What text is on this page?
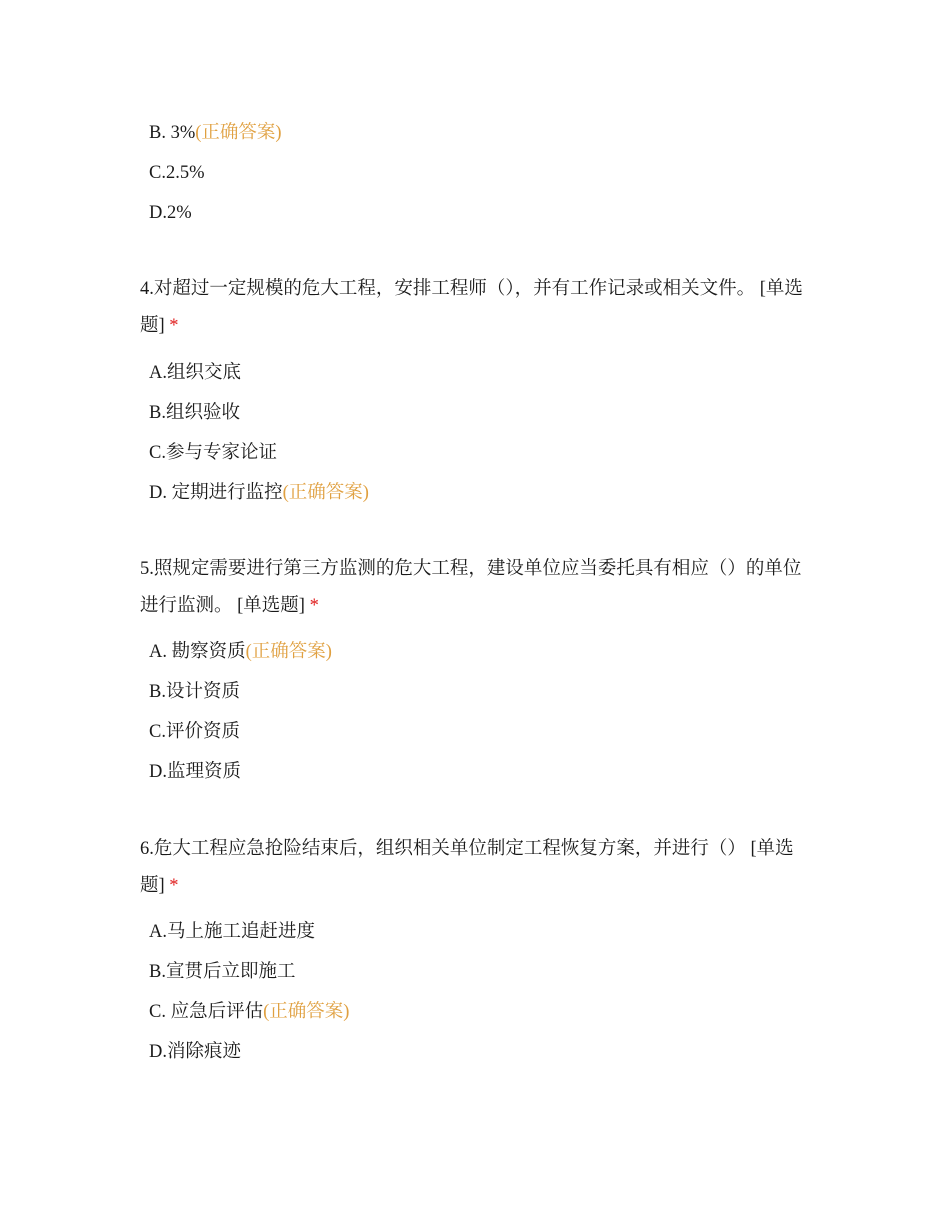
B. 3%(正确答案)

C.2.5%

D.2%

4.对超过一定规模的危大工程，安排工程师（），并有工作记录或相关文件。 [单选题] *

A.组织交底

B.组织验收

C.参与专家论证

D. 定期进行监控(正确答案)

5.照规定需要进行第三方监测的危大工程，建设单位应当委托具有相应（）的单位进行监测。 [单选题] *

A. 勘察资质(正确答案)

B.设计资质

C.评价资质

D.监理资质

6.危大工程应急抢险结束后，组织相关单位制定工程恢复方案，并进行（） [单选题] *

A.马上施工追赶进度

B.宣贯后立即施工

C. 应急后评估(正确答案)

D.消除痕迹
